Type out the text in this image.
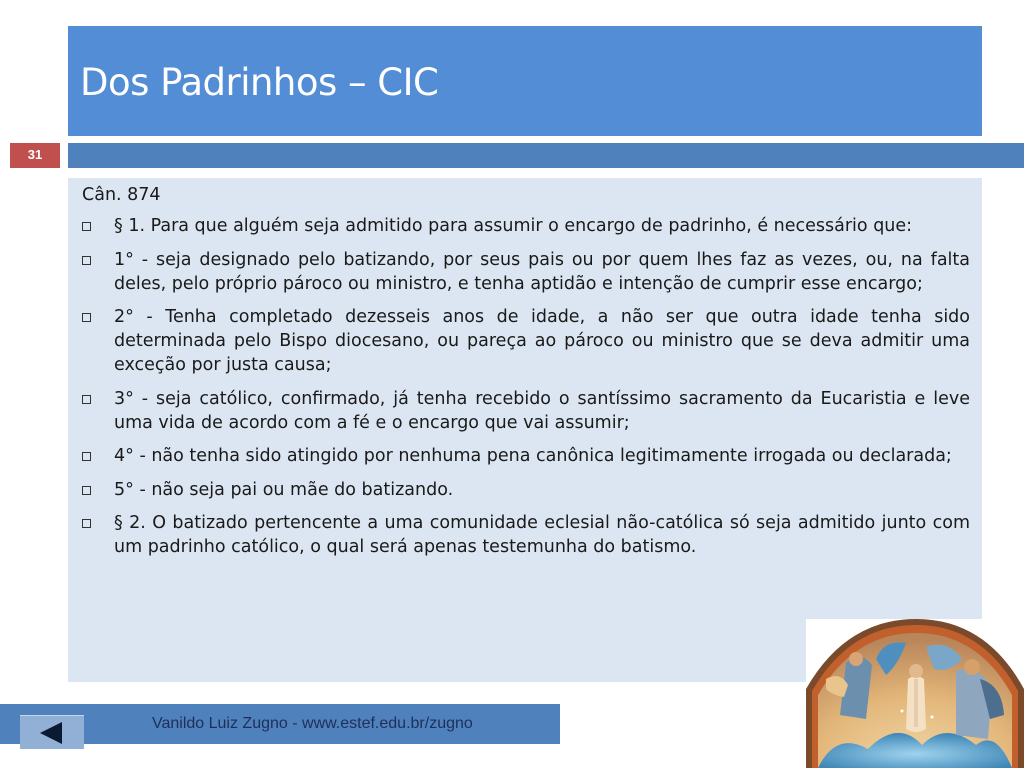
Dos Padrinhos – CIC
31
Cân. 874
§ 1. Para que alguém seja admitido para assumir o encargo de padrinho, é necessário que:
1° - seja designado pelo batizando, por seus pais ou por quem lhes faz as vezes, ou, na falta deles, pelo próprio pároco ou ministro, e tenha aptidão e intenção de cumprir esse encargo;
2° - Tenha completado dezesseis anos de idade, a não ser que outra idade tenha sido determinada pelo Bispo diocesano, ou pareça ao pároco ou ministro que se deva admitir uma exceção por justa causa;
3° - seja católico, confirmado, já tenha recebido o santíssimo sacramento da Eucaristia e leve uma vida de acordo com a fé e o encargo que vai assumir;
4° - não tenha sido atingido por nenhuma pena canônica legitimamente irrogada ou declarada;
5° - não seja pai ou mãe do batizando.
§ 2. O batizado pertencente a uma comunidade eclesial não-católica só seja admitido junto com um padrinho católico, o qual será apenas testemunha do batismo.
Vanildo Luiz Zugno - www.estef.edu.br/zugno
